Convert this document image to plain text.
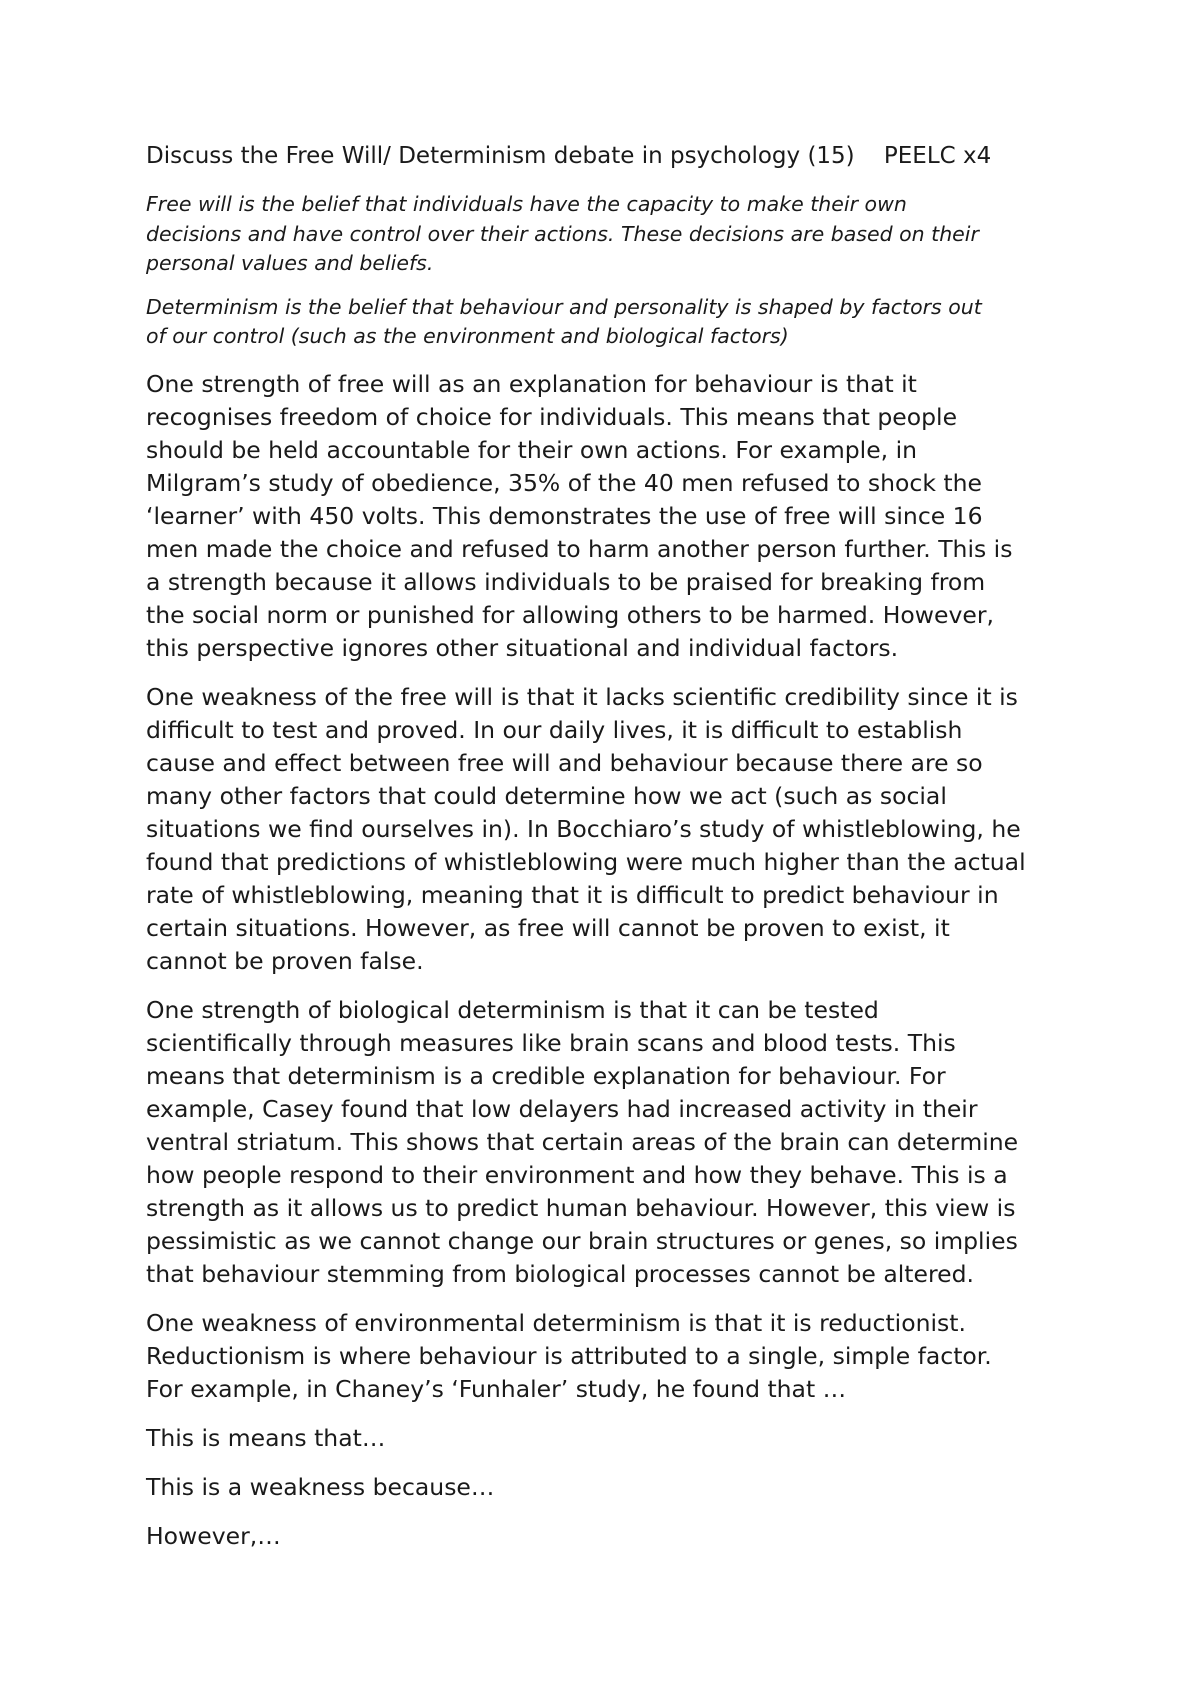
Discuss the Free Will/ Determinism debate in psychology (15)    PEELC x4

Free will is the belief that individuals have the capacity to make their own
decisions and have control over their actions. These decisions are based on their
personal values and beliefs.

Determinism is the belief that behaviour and personality is shaped by factors out
of our control (such as the environment and biological factors)

One strength of free will as an explanation for behaviour is that it
recognises freedom of choice for individuals. This means that people
should be held accountable for their own actions. For example, in
Milgram’s study of obedience, 35% of the 40 men refused to shock the
‘learner’ with 450 volts. This demonstrates the use of free will since 16
men made the choice and refused to harm another person further. This is
a strength because it allows individuals to be praised for breaking from
the social norm or punished for allowing others to be harmed. However,
this perspective ignores other situational and individual factors.

One weakness of the free will is that it lacks scientific credibility since it is
difficult to test and proved. In our daily lives, it is difficult to establish
cause and effect between free will and behaviour because there are so
many other factors that could determine how we act (such as social
situations we find ourselves in). In Bocchiaro’s study of whistleblowing, he
found that predictions of whistleblowing were much higher than the actual
rate of whistleblowing, meaning that it is difficult to predict behaviour in
certain situations. However, as free will cannot be proven to exist, it
cannot be proven false.

One strength of biological determinism is that it can be tested
scientifically through measures like brain scans and blood tests. This
means that determinism is a credible explanation for behaviour. For
example, Casey found that low delayers had increased activity in their
ventral striatum. This shows that certain areas of the brain can determine
how people respond to their environment and how they behave. This is a
strength as it allows us to predict human behaviour. However, this view is
pessimistic as we cannot change our brain structures or genes, so implies
that behaviour stemming from biological processes cannot be altered.

One weakness of environmental determinism is that it is reductionist.
Reductionism is where behaviour is attributed to a single, simple factor.
For example, in Chaney’s ‘Funhaler’ study, he found that …

This is means that…

This is a weakness because…

However,…
